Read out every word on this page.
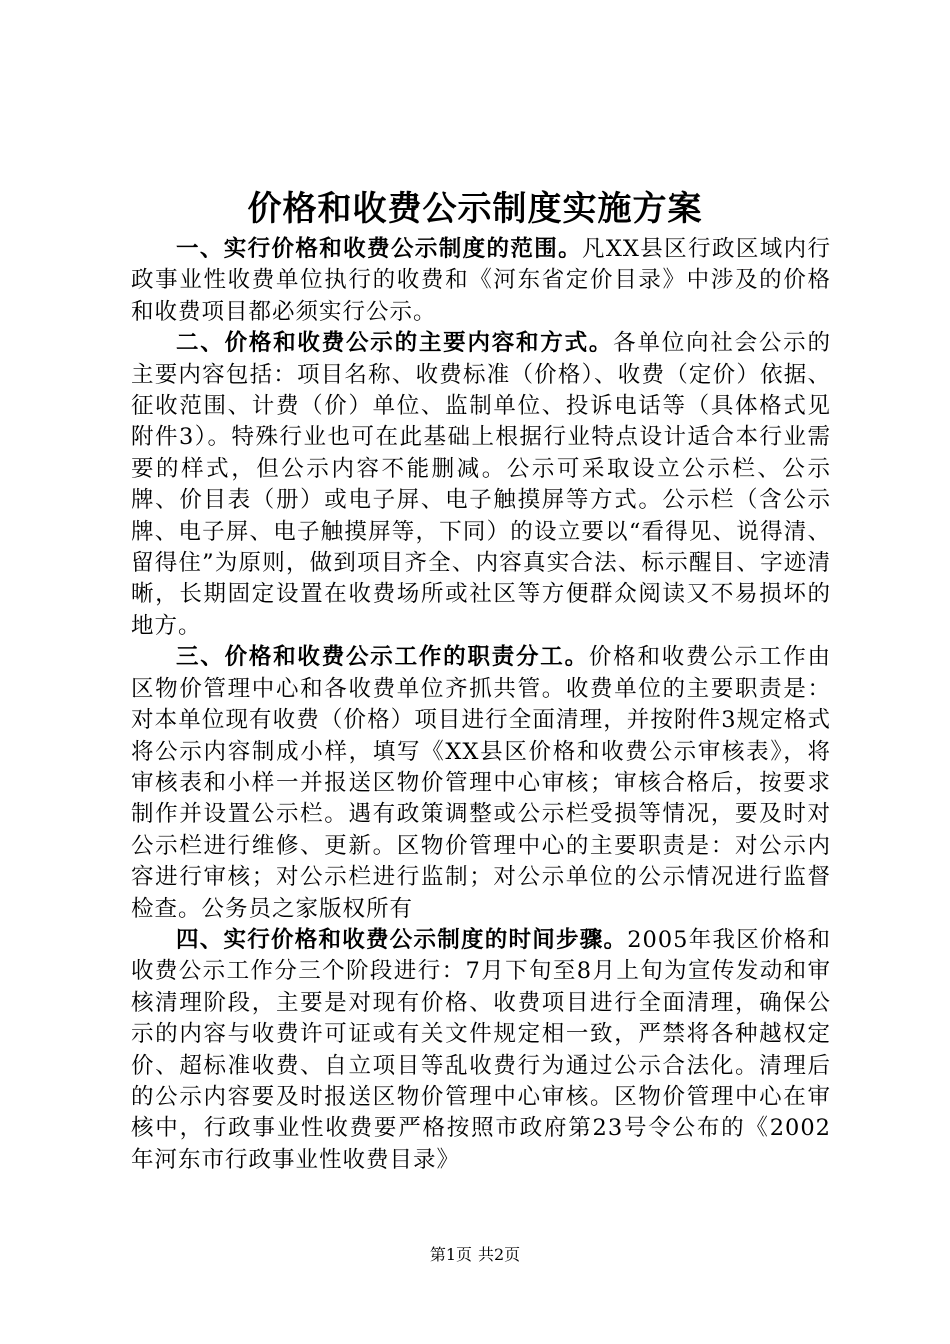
价格和收费公示制度实施方案

一、实行价格和收费公示制度的范围。凡XX县区行政区域内行政事业性收费单位执行的收费和《河东省定价目录》中涉及的价格和收费项目都必须实行公示。

二、价格和收费公示的主要内容和方式。各单位向社会公示的主要内容包括：项目名称、收费标准（价格）、收费（定价）依据、征收范围、计费（价）单位、监制单位、投诉电话等（具体格式见附件3）。特殊行业也可在此基础上根据行业特点设计适合本行业需要的样式，但公示内容不能删减。公示可采取设立公示栏、公示牌、价目表（册）或电子屏、电子触摸屏等方式。公示栏（含公示牌、电子屏、电子触摸屏等，下同）的设立要以“看得见、说得清、留得住”为原则，做到项目齐全、内容真实合法、标示醒目、字迹清晰，长期固定设置在收费场所或社区等方便群众阅读又不易损坏的地方。

三、价格和收费公示工作的职责分工。价格和收费公示工作由区物价管理中心和各收费单位齐抓共管。收费单位的主要职责是：对本单位现有收费（价格）项目进行全面清理，并按附件3规定格式将公示内容制成小样，填写《XX县区价格和收费公示审核表》，将审核表和小样一并报送区物价管理中心审核；审核合格后，按要求制作并设置公示栏。遇有政策调整或公示栏受损等情况，要及时对公示栏进行维修、更新。区物价管理中心的主要职责是：对公示内容进行审核；对公示栏进行监制；对公示单位的公示情况进行监督检查。公务员之家版权所有

四、实行价格和收费公示制度的时间步骤。2005年我区价格和收费公示工作分三个阶段进行：7月下旬至8月上旬为宣传发动和审核清理阶段，主要是对现有价格、收费项目进行全面清理，确保公示的内容与收费许可证或有关文件规定相一致，严禁将各种越权定价、超标准收费、自立项目等乱收费行为通过公示合法化。清理后的公示内容要及时报送区物价管理中心审核。区物价管理中心在审核中，行政事业性收费要严格按照市政府第23号令公布的《2002年河东市行政事业性收费目录》

第1页 共2页
